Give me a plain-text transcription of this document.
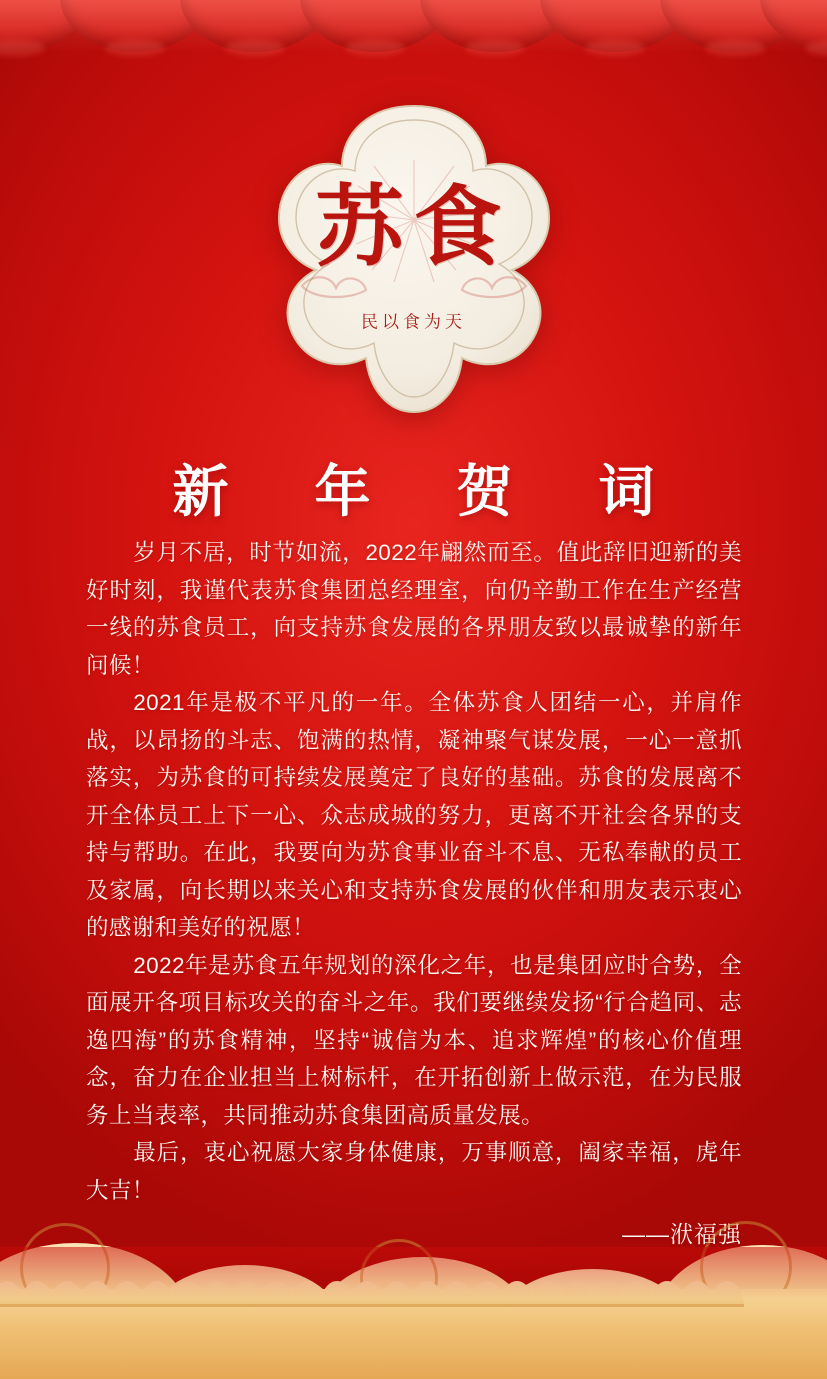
苏食
民以食为天
新 年 贺 词

岁月不居，时节如流，2022年翩然而至。值此辞旧迎新的美好时刻，我谨代表苏食集团总经理室，向仍辛勤工作在生产经营一线的苏食员工，向支持苏食发展的各界朋友致以最诚挚的新年问候！

2021年是极不平凡的一年。全体苏食人团结一心，并肩作战，以昂扬的斗志、饱满的热情，凝神聚气谋发展，一心一意抓落实，为苏食的可持续发展奠定了良好的基础。苏食的发展离不开全体员工上下一心、众志成城的努力，更离不开社会各界的支持与帮助。在此，我要向为苏食事业奋斗不息、无私奉献的员工及家属，向长期以来关心和支持苏食发展的伙伴和朋友表示衷心的感谢和美好的祝愿！

2022年是苏食五年规划的深化之年，也是集团应时合势，全面展开各项目标攻关的奋斗之年。我们要继续发扬“行合趋同、志逸四海”的苏食精神，坚持“诚信为本、追求辉煌”的核心价值理念，奋力在企业担当上树标杆，在开拓创新上做示范，在为民服务上当表率，共同推动苏食集团高质量发展。

最后，衷心祝愿大家身体健康，万事顺意，阖家幸福，虎年大吉！

——洑福强
